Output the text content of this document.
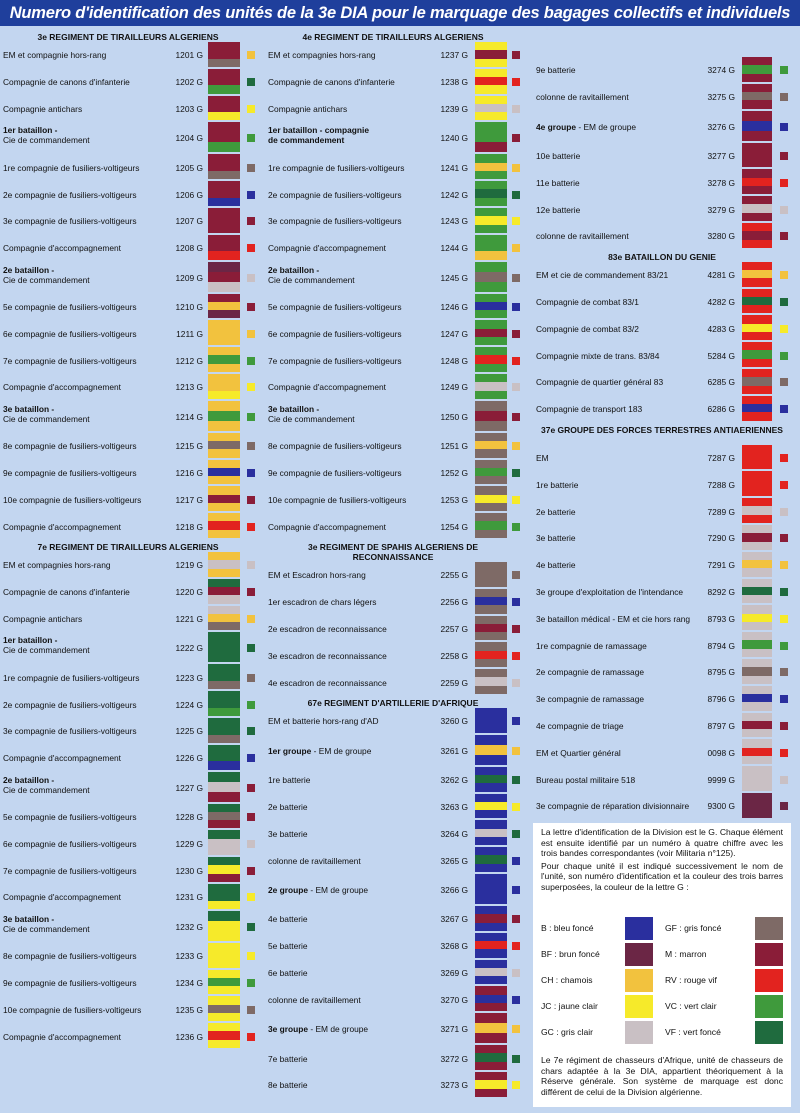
Numero d'identification des unités de la 3e DIA pour le marquage des bagages collectifs et individuels
3e REGIMENT DE TIRAILLEURS ALGERIENS
EM et compagnie hors-rang	1201 G
Compagnie de canons d'infanterie	1202 G
Compagnie antichars	1203 G
1er bataillon -
Cie de commandement	1204 G
1re compagnie de fusiliers-voltigeurs	1205 G
2e compagnie de fusiliers-voltigeurs	1206 G
3e compagnie de fusiliers-voltigeurs	1207 G
Compagnie d'accompagnement	1208 G
2e bataillon -
Cie de commandement	1209 G
5e compagnie de fusiliers-voltigeurs	1210 G
6e compagnie de fusiliers-voltigeurs	1211 G
7e compagnie de fusiliers-voltigeurs	1212 G
Compagnie d'accompagnement	1213 G
3e bataillon -
Cie de commandement	1214 G
8e compagnie de fusiliers-voltigeurs	1215 G
9e compagnie de fusiliers-voltigeurs	1216 G
10e compagnie de fusiliers-voltigeurs	1217 G
Compagnie d'accompagnement	1218 G
7e REGIMENT DE TIRAILLEURS ALGERIENS
EM et compagnies hors-rang	1219 G
Compagnie de canons d'infanterie	1220 G
Compagnie antichars	1221 G
1er bataillon -
Cie de commandement	1222 G
1re compagnie de fusiliers-voltigeurs	1223 G
2e compagnie de fusiliers-voltigeurs	1224 G
3e compagnie de fusiliers-voltigeurs	1225 G
Compagnie d'accompagnement	1226 G
2e bataillon -
Cie de commandement	1227 G
5e compagnie de fusiliers-voltigeurs	1228 G
6e compagnie de fusiliers-voltigeurs	1229 G
7e compagnie de fusiliers-voltigeurs	1230 G
Compagnie d'accompagnement	1231 G
3e bataillon -
Cie de commandement	1232 G
8e compagnie de fusiliers-voltigeurs	1233 G
9e compagnie de fusiliers-voltigeurs	1234 G
10e compagnie de fusiliers-voltigeurs	1235 G
Compagnie d'accompagnement	1236 G
4e REGIMENT DE TIRAILLEURS ALGERIENS
EM et compagnies hors-rang	1237 G
Compagnie de canons d'infanterie	1238 G
Compagnie antichars	1239 G
1er bataillon - compagnie
de commandement	1240 G
1re compagnie de fusiliers-voltigeurs	1241 G
2e compagnie de fusiliers-voltigeurs	1242 G
3e compagnie de fusiliers-voltigeurs	1243 G
Compagnie d'accompagnement	1244 G
2e bataillon -
Cie de commandement	1245 G
5e compagnie de fusiliers-voltigeurs	1246 G
6e compagnie de fusiliers-voltigeurs	1247 G
7e compagnie de fusiliers-voltigeurs	1248 G
Compagnie d'accompagnement	1249 G
3e bataillon -
Cie de commandement	1250 G
8e compagnie de fusiliers-voltigeurs	1251 G
9e compagnie de fusiliers-voltigeurs	1252 G
10e compagnie de fusiliers-voltigeurs	1253 G
Compagnie d'accompagnement	1254 G
3e REGIMENT DE SPAHIS ALGERIENS DE RECONNAISSANCE
EM et Escadron hors-rang	2255 G
1er escadron de chars légers	2256 G
2e escadron de reconnaissance	2257 G
3e escadron de reconnaissance	2258 G
4e escadron de reconnaissance	2259 G
67e REGIMENT D'ARTILLERIE D'AFRIQUE
EM et batterie hors-rang d'AD	3260 G
1er groupe - EM de groupe	3261 G
1re batterie	3262 G
2e batterie	3263 G
3e batterie	3264 G
colonne de ravitaillement	3265 G
2e groupe - EM de groupe	3266 G
4e batterie	3267 G
5e batterie	3268 G
6e batterie	3269 G
colonne de ravitaillement	3270 G
3e groupe - EM de groupe	3271 G
7e batterie	3272 G
8e batterie	3273 G
9e batterie	3274 G
colonne de ravitaillement	3275 G
4e groupe - EM de groupe	3276 G
10e batterie	3277 G
11e batterie	3278 G
12e batterie	3279 G
colonne de ravitaillement	3280 G
83e BATAILLON DU GENIE
EM et cie de commandement 83/21	4281 G
Compagnie de combat 83/1	4282 G
Compagnie de combat 83/2	4283 G
Compagnie mixte de trans. 83/84	5284 G
Compagnie de quartier général 83	6285 G
Compagnie de transport 183	6286 G
37e GROUPE DES FORCES TERRESTRES ANTIAERIENNES
EM	7287 G
1re batterie	7288 G
2e batterie	7289 G
3e batterie	7290 G
4e batterie	7291 G
3e groupe d'exploitation de l'intendance	8292 G
3e bataillon médical - EM et cie hors rang	8793 G
1re compagnie de ramassage	8794 G
2e compagnie de ramassage	8795 G
3e compagnie de ramassage	8796 G
4e compagnie de triage	8797 G
EM et Quartier général	0098 G
Bureau postal militaire 518	9999 G
3e compagnie de réparation divisionnaire	9300 G

La lettre d'identification de la Division est le G. Chaque élément est ensuite identifié par un numéro à quatre chiffre avec les trois bandes correspondantes (voir Militaria n°125).

Pour chaque unité il est indiqué successivement le nom de l'unité, son numéro d'identification et la couleur des trois barres superposées, la couleur de la lettre G :

B : bleu foncé	GF : gris foncé
BF : brun foncé	M : marron
CH : chamois	RV : rouge vif
JC : jaune clair	VC : vert clair
GC : gris clair	VF : vert foncé

Le 7e régiment de chasseurs d'Afrique, unité de chasseurs de chars adaptée à la 3e DIA, appartient théoriquement à la Réserve générale. Son système de marquage est donc différent de celui de la Division algérienne.
